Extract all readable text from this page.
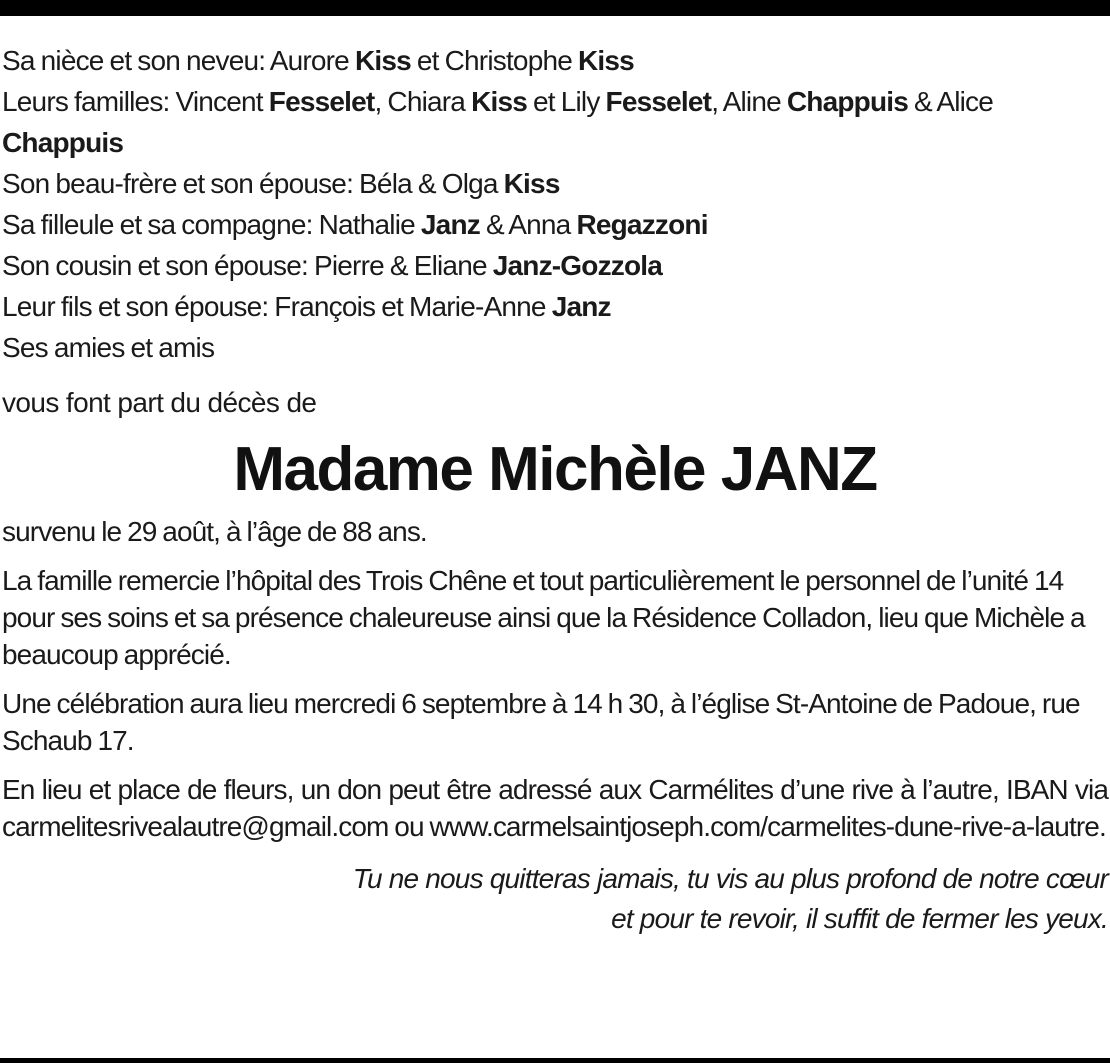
Sa nièce et son neveu: Aurore Kiss et Christophe Kiss
Leurs familles: Vincent Fesselet, Chiara Kiss et Lily Fesselet, Aline Chappuis & Alice Chappuis
Son beau-frère et son épouse: Béla & Olga Kiss
Sa filleule et sa compagne: Nathalie Janz & Anna Regazzoni
Son cousin et son épouse: Pierre & Eliane Janz-Gozzola
Leur fils et son épouse: François et Marie-Anne Janz
Ses amies et amis
vous font part du décès de
Madame Michèle JANZ
survenu le 29 août, à l’âge de 88 ans.
La famille remercie l’hôpital des Trois Chêne et tout particulièrement le personnel de l’unité 14 pour ses soins et sa présence chaleureuse ainsi que la Résidence Colladon, lieu que Michèle a beaucoup apprécié.
Une célébration aura lieu mercredi 6 septembre à 14 h 30, à l’église St-Antoine de Padoue, rue Schaub 17.
En lieu et place de fleurs, un don peut être adressé aux Carmélites d’une rive à l’autre, IBAN via carmelitesrivealautre@gmail.com ou www.carmelsaintjoseph.com/carmelites-dune-rive-a-lautre.
Tu ne nous quitteras jamais, tu vis au plus profond de notre cœur
et pour te revoir, il suffit de fermer les yeux.
